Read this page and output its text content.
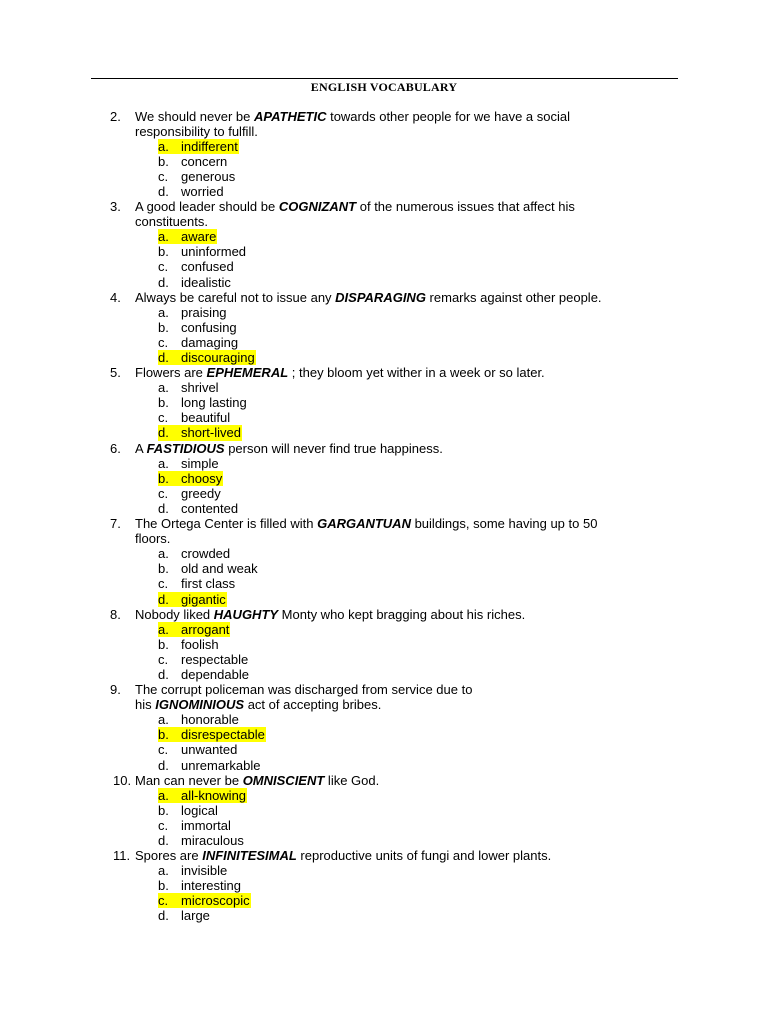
ENGLISH VOCABULARY
2.	We should never be APATHETIC towards other people for we have a social
responsibility to fulfill.
a. indifferent
b. concern
c. generous
d. worried
3.	A good leader should be COGNIZANT of the numerous issues that affect his
constituents.
a. aware
b. uninformed
c. confused
d. idealistic
4.	Always be careful not to issue any DISPARAGING remarks against other people.
a. praising
b. confusing
c. damaging
d. discouraging
5.	Flowers are EPHEMERAL ; they bloom yet wither in a week or so later.
a. shrivel
b. long lasting
c. beautiful
d. short-lived
6.	A FASTIDIOUS person will never find true happiness.
a. simple
b. choosy
c. greedy
d. contented
7.	The Ortega Center is filled with GARGANTUAN buildings, some having up to 50
floors.
a. crowded
b. old and weak
c. first class
d. gigantic
8.	Nobody liked HAUGHTY Monty who kept bragging about his riches.
a. arrogant
b. foolish
c. respectable
d. dependable
9.	The corrupt policeman was discharged from service due to
his IGNOMINIOUS act of accepting bribes.
a. honorable
b. disrespectable
c. unwanted
d. unremarkable
10. Man can never be OMNISCIENT like God.
a. all-knowing
b. logical
c. immortal
d. miraculous
11. Spores are INFINITESIMAL reproductive units of fungi and lower plants.
a. invisible
b. interesting
c. microscopic
d. large
